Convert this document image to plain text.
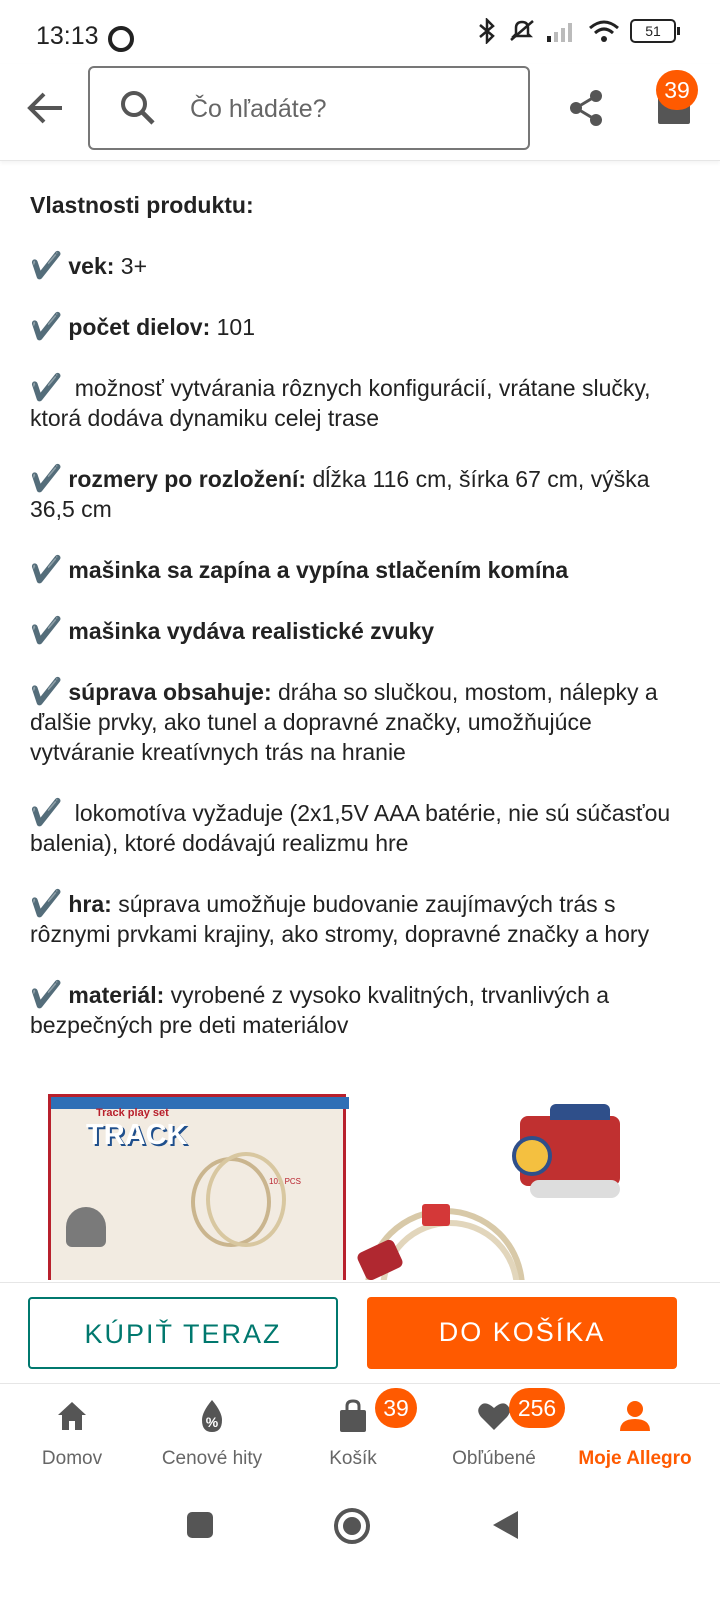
13:13	51
Čo hľadáte?
39
Vlastnosti produktu:

✔️ vek: 3+

✔️ počet dielov: 101

✔️ možnosť vytvárania rôznych konfigurácií, vrátane slučky, ktorá dodáva dynamiku celej trase

✔️ rozmery po rozložení: dĺžka 116 cm, šírka 67 cm, výška 36,5 cm

✔️ mašinka sa zapína a vypína stlačením komína

✔️ mašinka vydáva realistické zvuky

✔️ súprava obsahuje: dráha so slučkou, mostom, nálepky a ďalšie prvky, ako tunel a dopravné značky, umožňujúce vytváranie kreatívnych trás na hranie

✔️ lokomotíva vyžaduje (2x1,5V AAA batérie, nie sú súčasťou balenia), ktoré dodávajú realizmu hre

✔️ hra: súprava umožňuje budovanie zaujímavých trás s rôznymi prvkami krajiny, ako stromy, dopravné značky a hory

✔️ materiál: vyrobené z vysoko kvalitných, trvanlivých a bezpečných pre deti materiálov

Track play set
TRACK
101 PCS
KÚPIŤ TERAZ	DO KOŠÍKA
Domov
%
Cenové hity	Košík
39
Obľúbené
256
Moje Allegro
